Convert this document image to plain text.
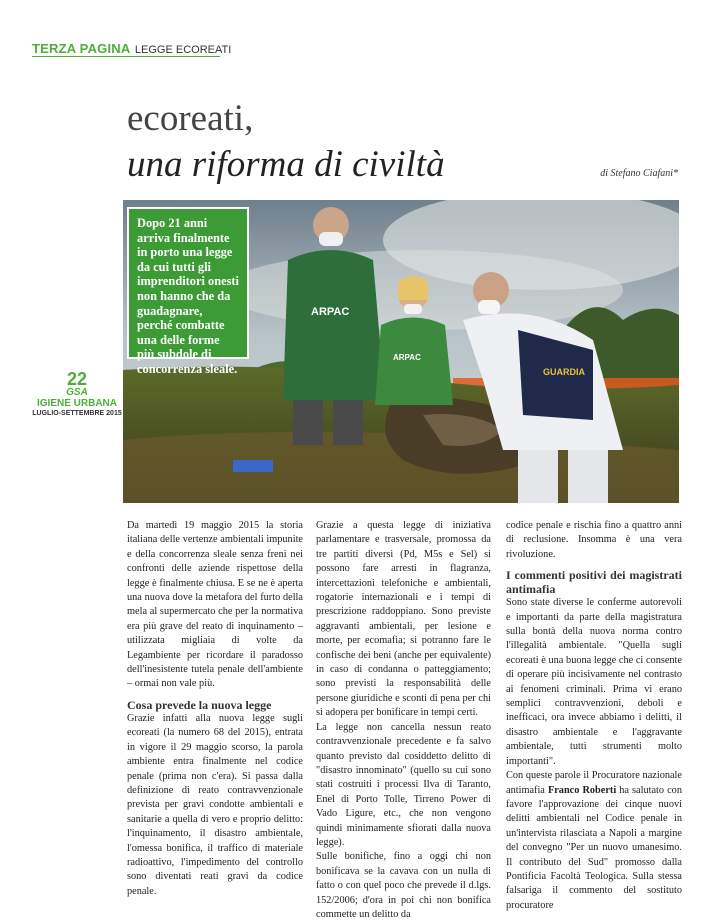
TERZA PAGINA LEGGE ECOREATI
ecoreati,
una riforma di civiltà	di Stefano Ciafani*
ARPAC
ARPAC
GUARDIA
Dopo 21 anni arriva finalmente in porto una legge da cui tutti gli imprenditori onesti non hanno che da guadagnare, perché combatte una delle forme più subdole di concorrenza sleale.
22
GSA
IGIENE URBANA
LUGLIO-SETTEMBRE 2015

Da martedì 19 maggio 2015 la storia italiana delle vertenze ambientali impunite e della concorrenza sleale senza freni nei confronti delle aziende rispettose della legge è finalmente chiusa. E se ne è aperta una nuova dove la metafora del furto della mela al supermercato che per la normativa era più grave del reato di inquinamento – utilizzata migliaia di volte da Legambiente per ricordare il paradosso dell'inesistente tutela penale dell'ambiente – ormai non vale più.

Cosa prevede la nuova legge

Grazie infatti alla nuova legge sugli ecoreati (la numero 68 del 2015), entrata in vigore il 29 maggio scorso, la parola ambiente entra finalmente nel codice penale (prima non c'era). Si passa dalla definizione di reato contravvenzionale prevista per gravi condotte ambientali e sanitarie a quella di vero e proprio delitto: l'inquinamento, il disastro ambientale, l'omessa bonifica, il traffico di materiale radioattivo, l'impedimento del controllo sono diventati reati gravi da codice penale.

Grazie a questa legge di iniziativa parlamentare e trasversale, promossa da tre partiti diversi (Pd, M5s e Sel) si possono fare arresti in flagranza, intercettazioni telefoniche e ambientali, rogatorie internazionali e i tempi di prescrizione raddoppiano. Sono previste aggravanti ambientali, per lesione e morte, per ecomafia; si potranno fare le confische dei beni (anche per equivalente) in caso di condanna o patteggiamento; sono previsti la responsabilità delle persone giuridiche e sconti di pena per chi si adopera per bonificare in tempi certi.

La legge non cancella nessun reato contravvenzionale precedente e fa salvo quanto previsto dal cosiddetto delitto di "disastro innominato" (quello su cui sono stati costruiti i processi Ilva di Taranto, Enel di Porto Tolle, Tirreno Power di Vado Ligure, etc., che non vengono quindi minimamente sfiorati dalla nuova legge).

Sulle bonifiche, fino a oggi chi non bonificava se la cavava con un nulla di fatto o con quel poco che prevede il d.lgs. 152/2006; d'ora in poi chi non bonifica commette un delitto da

codice penale e rischia fino a quattro anni di reclusione. Insomma è una vera rivoluzione.

I commenti positivi dei magistrati antimafia

Sono state diverse le conferme autorevoli e importanti da parte della magistratura sulla bontà della nuova norma contro l'illegalità ambientale. "Quella sugli ecoreati è una buona legge che ci consente di operare più incisivamente nel contrasto ai fenomeni criminali. Prima vi erano semplici contravvenzioni, deboli e inefficaci, ora invece abbiamo i delitti, il disastro ambientale e l'aggravante ambientale, tutti strumenti molto importanti".

Con queste parole il Procuratore nazionale antimafia Franco Roberti ha salutato con favore l'approvazione dei cinque nuovi delitti ambientali nel Codice penale in un'intervista rilasciata a Napoli a margine del convegno "Per un nuovo umanesimo. Il contributo del Sud" promosso dalla Pontificia Facoltà Teologica. Sulla stessa falsariga il commento del sostituto procuratore
